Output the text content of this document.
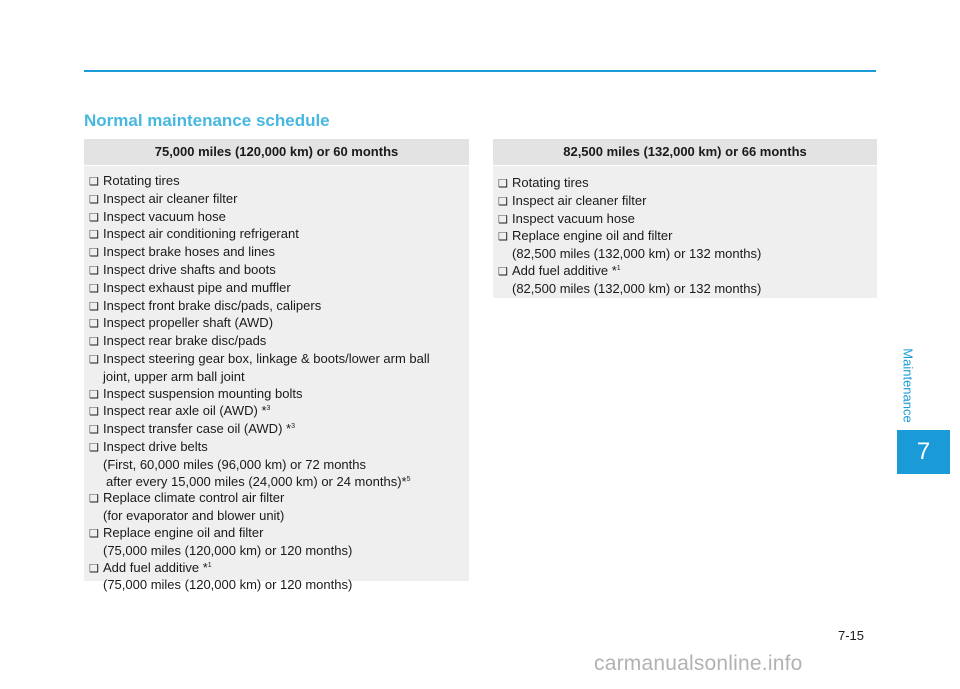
Normal maintenance schedule
75,000 miles (120,000 km) or 60 months
❑ Rotating tires
❑ Inspect air cleaner filter
❑ Inspect vacuum hose
❑ Inspect air conditioning refrigerant
❑ Inspect brake hoses and lines
❑ Inspect drive shafts and boots
❑ Inspect exhaust pipe and muffler
❑ Inspect front brake disc/pads, calipers
❑ Inspect propeller shaft (AWD)
❑ Inspect rear brake disc/pads
❑ Inspect steering gear box, linkage & boots/lower arm ball
joint, upper arm ball joint
❑ Inspect suspension mounting bolts
❑ Inspect rear axle oil (AWD) *$^3$
❑ Inspect transfer case oil (AWD) *$^3$
❑ Inspect drive belts
(First, 60,000 miles (96,000 km) or 72 months
after every 15,000 miles (24,000 km) or 24 months)*$^5$
❑ Replace climate control air filter
(for evaporator and blower unit)
❑ Replace engine oil and filter
(75,000 miles (120,000 km) or 120 months)
❑ Add fuel additive *$^1$
(75,000 miles (120,000 km) or 120 months)
82,500 miles (132,000 km) or 66 months
❑ Rotating tires
❑ Inspect air cleaner filter
❑ Inspect vacuum hose
❑ Replace engine oil and filter
(82,500 miles (132,000 km) or 132 months)
❑ Add fuel additive *$^1$
(82,500 miles (132,000 km) or 132 months)
Maintenance
7
7-15
carmanualsonline.info
